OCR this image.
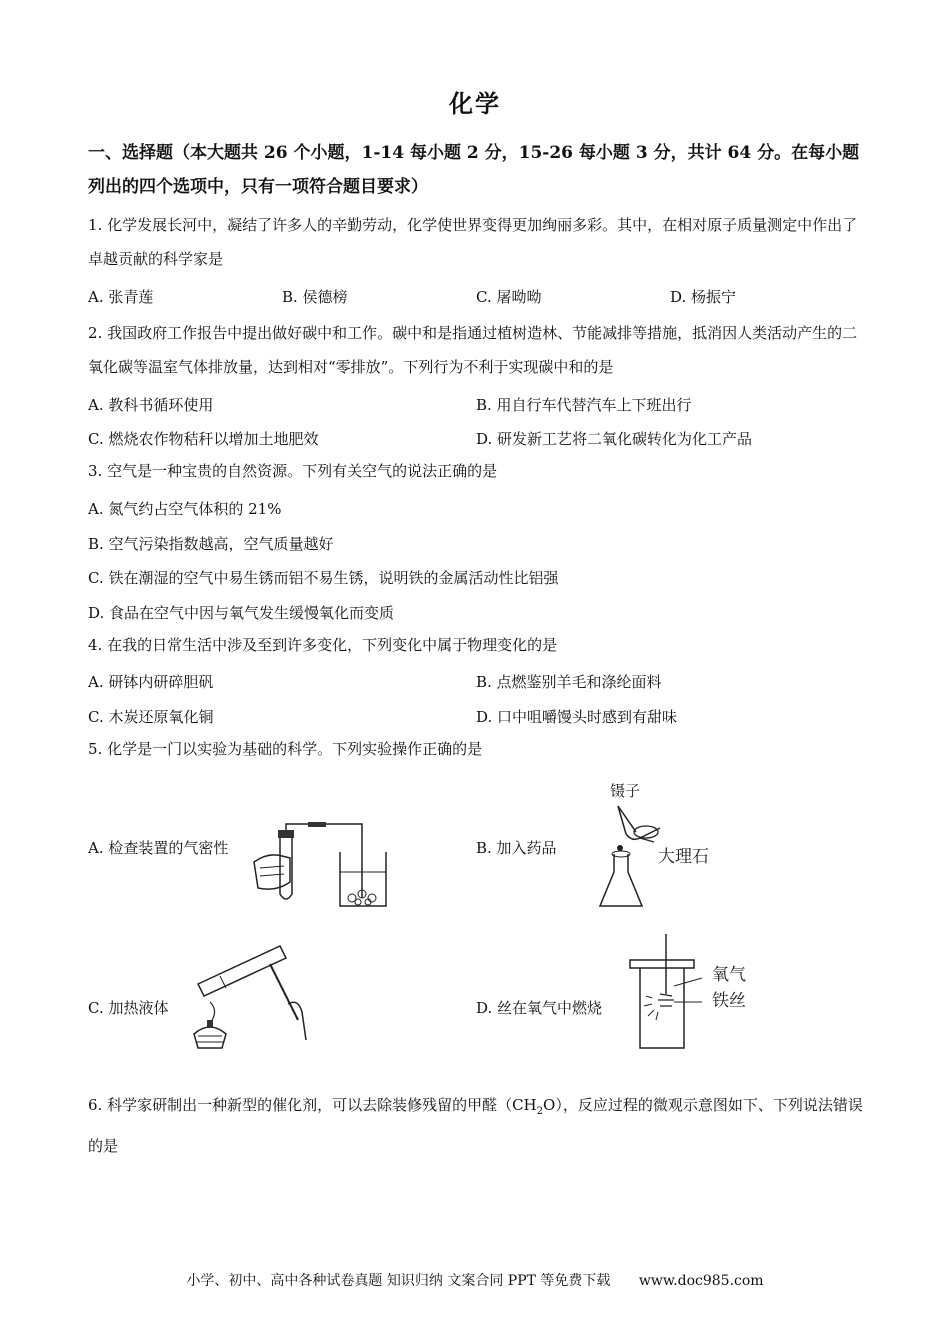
化学
一、选择题（本大题共 26 个小题，1-14 每小题 2 分，15-26 每小题 3 分，共计 64 分。在每小题列出的四个选项中，只有一项符合题目要求）
1. 化学发展长河中，凝结了许多人的辛勤劳动，化学使世界变得更加绚丽多彩。其中，在相对原子质量测定中作出了卓越贡献的科学家是
A. 张青莲	B. 侯德榜	C. 屠呦呦	D. 杨振宁
2. 我国政府工作报告中提出做好碳中和工作。碳中和是指通过植树造林、节能减排等措施，抵消因人类活动产生的二氧化碳等温室气体排放量，达到相对“零排放”。下列行为不利于实现碳中和的是
A. 教科书循环使用	B. 用自行车代替汽车上下班出行
C. 燃烧农作物秸秆以增加土地肥效	D. 研发新工艺将二氧化碳转化为化工产品
3. 空气是一种宝贵的自然资源。下列有关空气的说法正确的是
A. 氮气约占空气体积的 21%
B. 空气污染指数越高，空气质量越好
C. 铁在潮湿的空气中易生锈而铝不易生锈，说明铁的金属活动性比铝强
D. 食品在空气中因与氧气发生缓慢氧化而变质
4. 在我的日常生活中涉及至到许多变化，下列变化中属于物理变化的是
A. 研钵内研碎胆矾	B. 点燃鉴别羊毛和涤纶面料
C. 木炭还原氧化铜	D. 口中咀嚼馒头时感到有甜味
5. 化学是一门以实验为基础的科学。下列实验操作正确的是
A. 检查装置的气密性	B. 加入药品
镊子
大理石
C. 加热液体	D. 丝在氧气中燃烧
氧气
铁丝
6. 科学家研制出一种新型的催化剂，可以去除装修残留的甲醛$(CH_2O)$，反应过程的微观示意图如下、下列说法错误的是
小学、初中、高中各种试卷真题 知识归纳 文案合同 PPT 等免费下载 www.doc985.com
